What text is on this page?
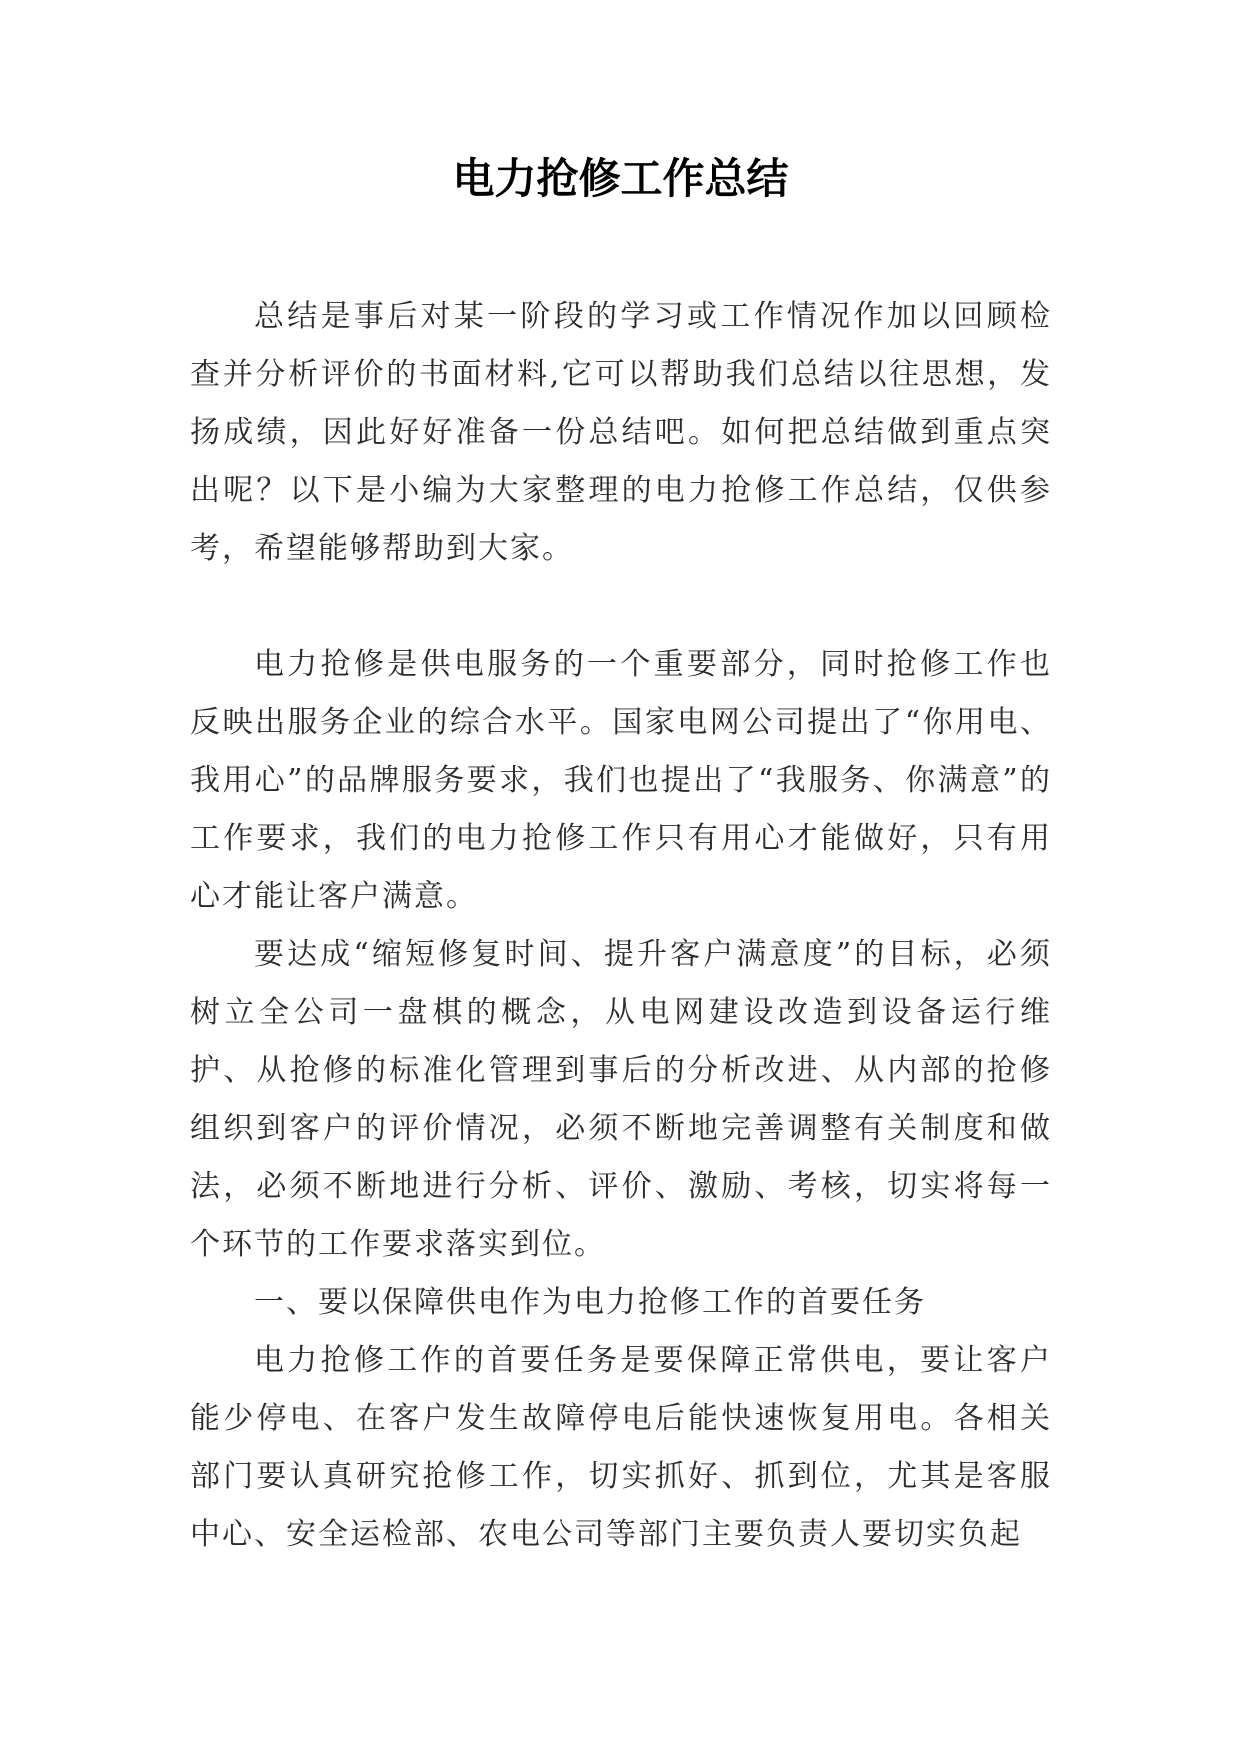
电力抢修工作总结

总结是事后对某一阶段的学习或工作情况作加以回顾检查并分析评价的书面材料,它可以帮助我们总结以往思想，发扬成绩，因此好好准备一份总结吧。如何把总结做到重点突出呢？以下是小编为大家整理的电力抢修工作总结，仅供参考，希望能够帮助到大家。

电力抢修是供电服务的一个重要部分，同时抢修工作也反映出服务企业的综合水平。国家电网公司提出了“你用电、我用心”的品牌服务要求，我们也提出了“我服务、你满意”的工作要求，我们的电力抢修工作只有用心才能做好，只有用心才能让客户满意。

要达成“缩短修复时间、提升客户满意度”的目标，必须树立全公司一盘棋的概念，从电网建设改造到设备运行维护、从抢修的标准化管理到事后的分析改进、从内部的抢修组织到客户的评价情况，必须不断地完善调整有关制度和做法，必须不断地进行分析、评价、激励、考核，切实将每一个环节的工作要求落实到位。

一、要以保障供电作为电力抢修工作的首要任务

电力抢修工作的首要任务是要保障正常供电，要让客户能少停电、在客户发生故障停电后能快速恢复用电。各相关部门要认真研究抢修工作，切实抓好、抓到位，尤其是客服中心、安全运检部、农电公司等部门主要负责人要切实负起
